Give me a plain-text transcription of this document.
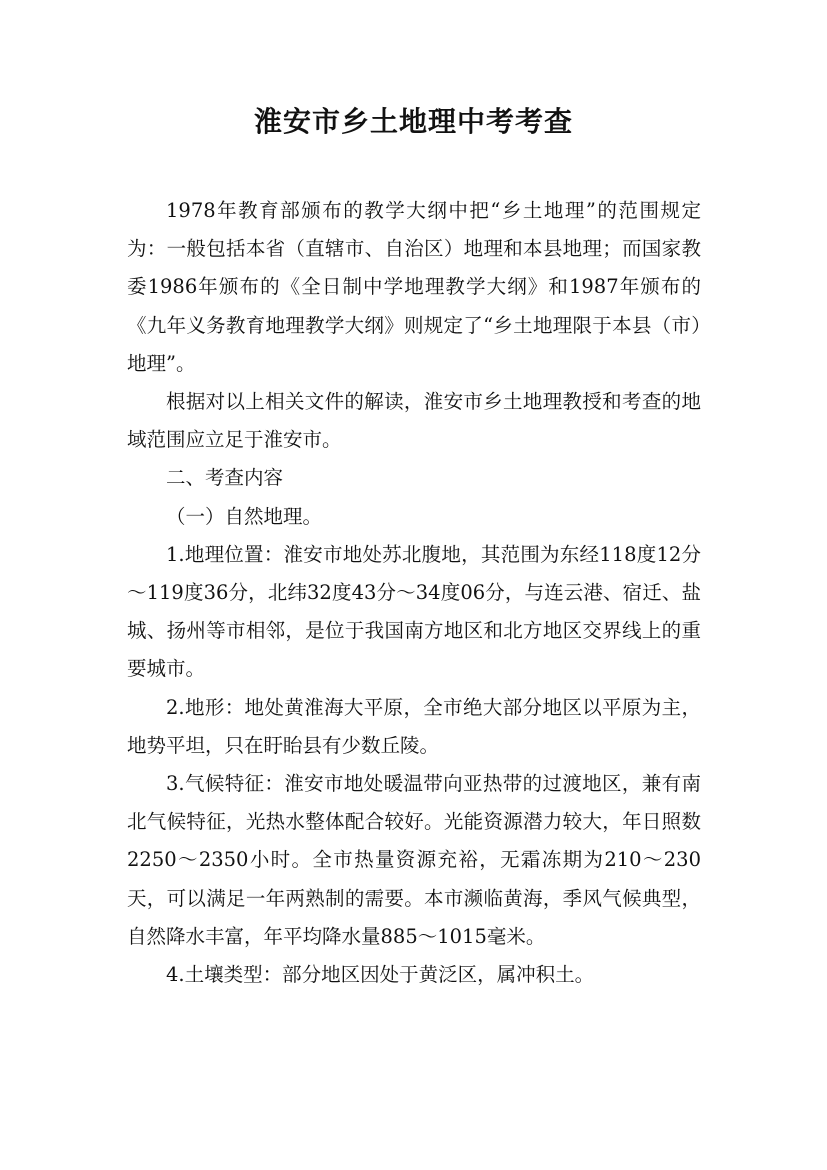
淮安市乡土地理中考考查

1978年教育部颁布的教学大纲中把“乡土地理”的范围规定为：一般包括本省（直辖市、自治区）地理和本县地理；而国家教委1986年颁布的《全日制中学地理教学大纲》和1987年颁布的《九年义务教育地理教学大纲》则规定了“乡土地理限于本县（市）地理”。

根据对以上相关文件的解读，淮安市乡土地理教授和考查的地域范围应立足于淮安市。

二、考查内容

（一）自然地理。

1.地理位置：淮安市地处苏北腹地，其范围为东经118度12分～119度36分，北纬32度43分～34度06分，与连云港、宿迁、盐城、扬州等市相邻，是位于我国南方地区和北方地区交界线上的重要城市。

2.地形：地处黄淮海大平原，全市绝大部分地区以平原为主，地势平坦，只在盱眙县有少数丘陵。

3.气候特征：淮安市地处暖温带向亚热带的过渡地区，兼有南北气候特征，光热水整体配合较好。光能资源潜力较大，年日照数2250～2350小时。全市热量资源充裕，无霜冻期为210～230天，可以满足一年两熟制的需要。本市濒临黄海，季风气候典型，自然降水丰富，年平均降水量885～1015毫米。

4.土壤类型：部分地区因处于黄泛区，属冲积土。
